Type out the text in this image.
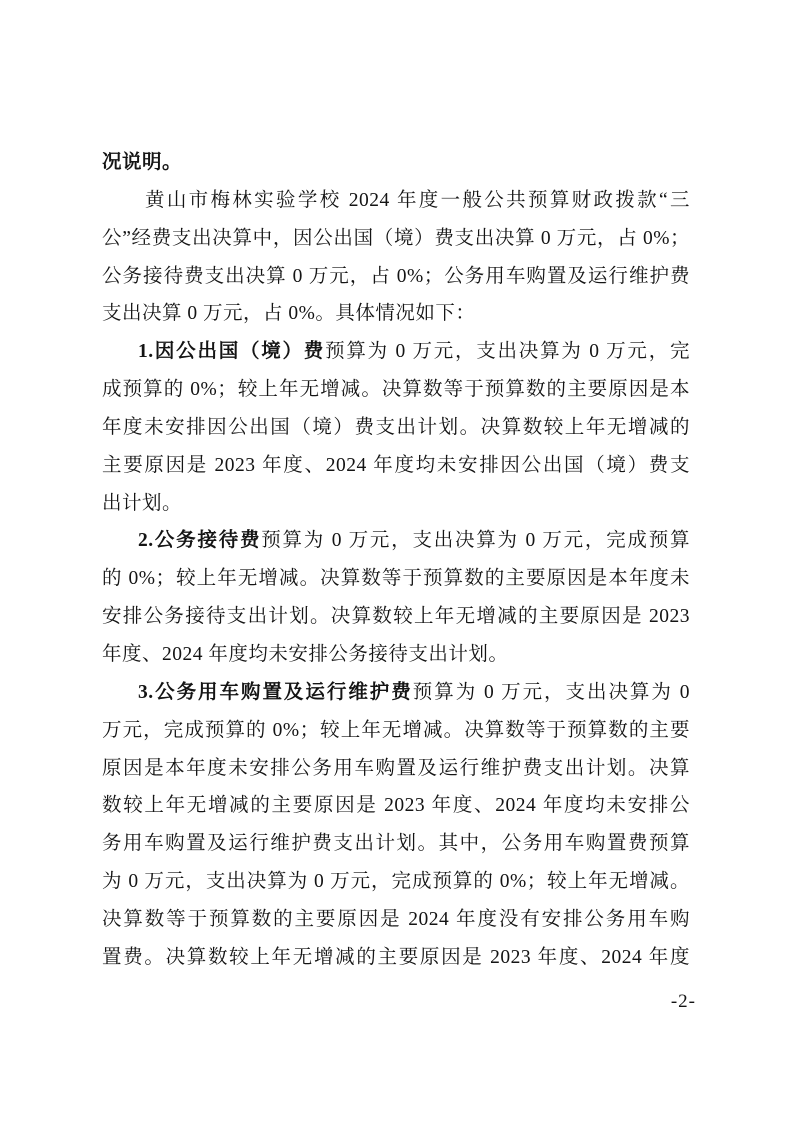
况说明。
黄山市梅林实验学校 2024 年度一般公共预算财政拨款“三
公”经费支出决算中，因公出国（境）费支出决算 0 万元，占 0%；
公务接待费支出决算 0 万元，占 0%；公务用车购置及运行维护费
支出决算 0 万元，占 0%。具体情况如下：
1.因公出国（境）费预算为 0 万元，支出决算为 0 万元，完
成预算的 0%；较上年无增减。决算数等于预算数的主要原因是本
年度未安排因公出国（境）费支出计划。决算数较上年无增减的
主要原因是 2023 年度、2024 年度均未安排因公出国（境）费支
出计划。
2.公务接待费预算为 0 万元，支出决算为 0 万元，完成预算
的 0%；较上年无增减。决算数等于预算数的主要原因是本年度未
安排公务接待支出计划。决算数较上年无增减的主要原因是 2023
年度、2024 年度均未安排公务接待支出计划。
3.公务用车购置及运行维护费预算为 0 万元，支出决算为 0
万元，完成预算的 0%；较上年无增减。决算数等于预算数的主要
原因是本年度未安排公务用车购置及运行维护费支出计划。决算
数较上年无增减的主要原因是 2023 年度、2024 年度均未安排公
务用车购置及运行维护费支出计划。其中，公务用车购置费预算
为 0 万元，支出决算为 0 万元，完成预算的 0%；较上年无增减。
决算数等于预算数的主要原因是 2024 年度没有安排公务用车购
置费。决算数较上年无增减的主要原因是 2023 年度、2024 年度
-2-
